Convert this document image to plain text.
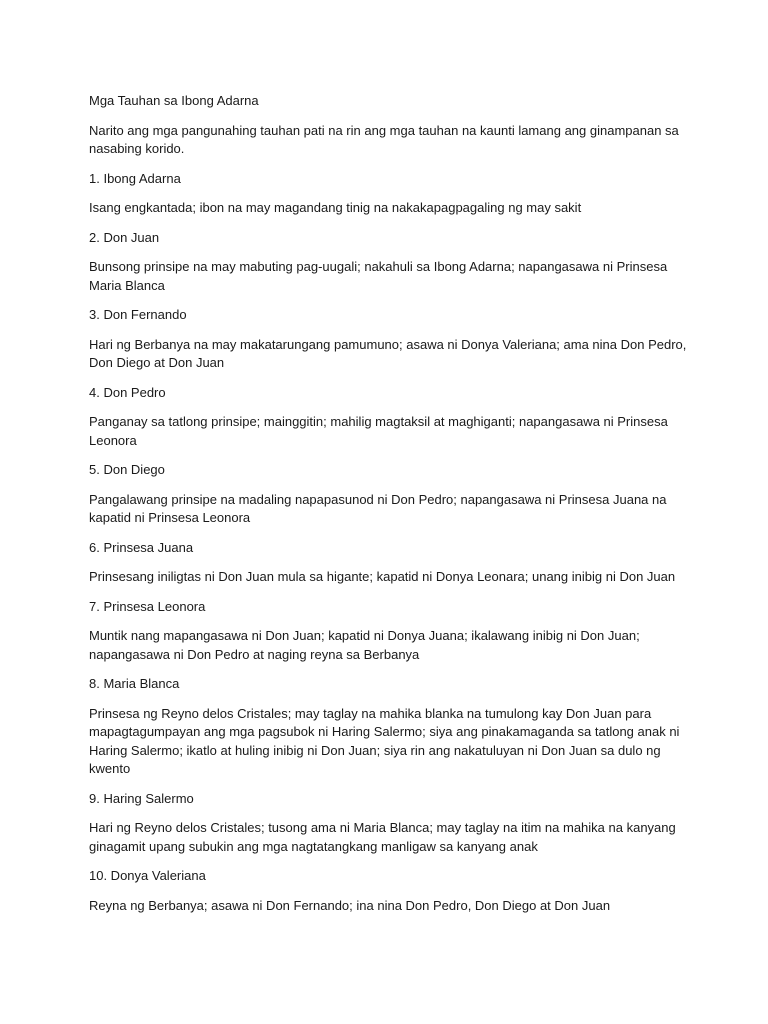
Mga Tauhan sa Ibong Adarna

Narito ang mga pangunahing tauhan pati na rin ang mga tauhan na kaunti lamang ang ginampanan sa nasabing korido.

1. Ibong Adarna

Isang engkantada; ibon na may magandang tinig na nakakapagpagaling ng may sakit

2. Don Juan

Bunsong prinsipe na may mabuting pag-uugali; nakahuli sa Ibong Adarna; napangasawa ni Prinsesa Maria Blanca

3. Don Fernando

Hari ng Berbanya na may makatarungang pamumuno; asawa ni Donya Valeriana; ama nina Don Pedro, Don Diego at Don Juan

4. Don Pedro

Panganay sa tatlong prinsipe; mainggitin; mahilig magtaksil at maghiganti; napangasawa ni Prinsesa Leonora

5. Don Diego

Pangalawang prinsipe na madaling napapasunod ni Don Pedro; napangasawa ni Prinsesa Juana na kapatid ni Prinsesa Leonora

6. Prinsesa Juana

Prinsesang iniligtas ni Don Juan mula sa higante; kapatid ni Donya Leonara; unang inibig ni Don Juan

7. Prinsesa Leonora

Muntik nang mapangasawa ni Don Juan; kapatid ni Donya Juana; ikalawang inibig ni Don Juan; napangasawa ni Don Pedro at naging reyna sa Berbanya

8. Maria Blanca

Prinsesa ng Reyno delos Cristales; may taglay na mahika blanka na tumulong kay Don Juan para mapagtagumpayan ang mga pagsubok ni Haring Salermo; siya ang pinakamaganda sa tatlong anak ni Haring Salermo; ikatlo at huling inibig ni Don Juan; siya rin ang nakatuluyan ni Don Juan sa dulo ng kwento

9. Haring Salermo

Hari ng Reyno delos Cristales; tusong ama ni Maria Blanca; may taglay na itim na mahika na kanyang ginagamit upang subukin ang mga nagtatangkang manligaw sa kanyang anak

10. Donya Valeriana

Reyna ng Berbanya; asawa ni Don Fernando; ina nina Don Pedro, Don Diego at Don Juan
